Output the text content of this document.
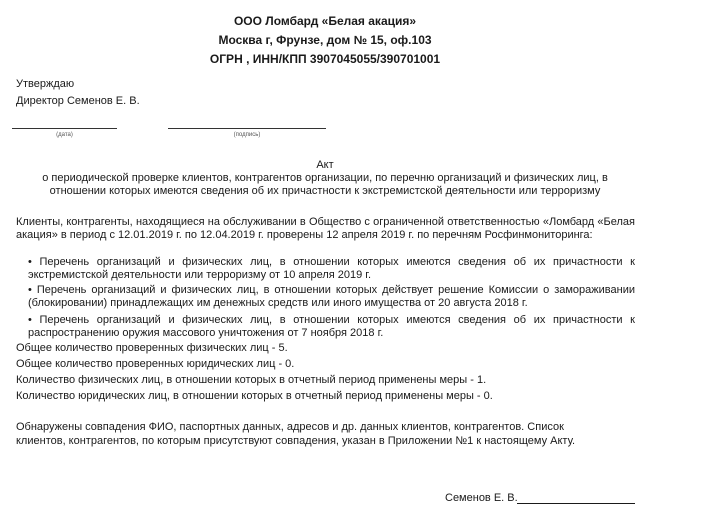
ООО Ломбард «Белая акация»
Москва г, Фрунзе, дом № 15, оф.103
ОГРН , ИНН/КПП 3907045055/390701001
Утверждаю
Директор Семенов Е. В.
(дата)	(подпись)
Акт
о периодической проверке клиентов, контрагентов организации, по перечню организаций и физических лиц, в
отношении которых имеются сведения об их причастности к экстремистской деятельности или терроризму
Клиенты, контрагенты, находящиеся на обслуживании в Общество с ограниченной ответственностью «Ломбард «Белая акация» в период с 12.01.2019 г. по 12.04.2019 г. проверены 12 апреля 2019 г. по перечням Росфинмониторинга:
• Перечень организаций и физических лиц, в отношении которых имеются сведения об их причастности к экстремистской деятельности или терроризму от 10 апреля 2019 г.
• Перечень организаций и физических лиц, в отношении которых действует решение Комиссии о замораживании (блокировании) принадлежащих им денежных средств или иного имущества от 20 августа 2018 г.
• Перечень организаций и физических лиц, в отношении которых имеются сведения об их причастности к распространению оружия массового уничтожения от 7 ноября 2018 г.
Общее количество проверенных физических лиц - 5.
Общее количество проверенных юридических лиц - 0.
Количество физических лиц, в отношении которых в отчетный период применены меры - 1.
Количество юридических лиц, в отношении которых в отчетный период применены меры - 0.
Обнаружены совпадения ФИО, паспортных данных, адресов и др. данных клиентов, контрагентов. Список клиентов, контрагентов, по которым присутствуют совпадения, указан в Приложении №1 к настоящему Акту.
Семенов Е. В.
